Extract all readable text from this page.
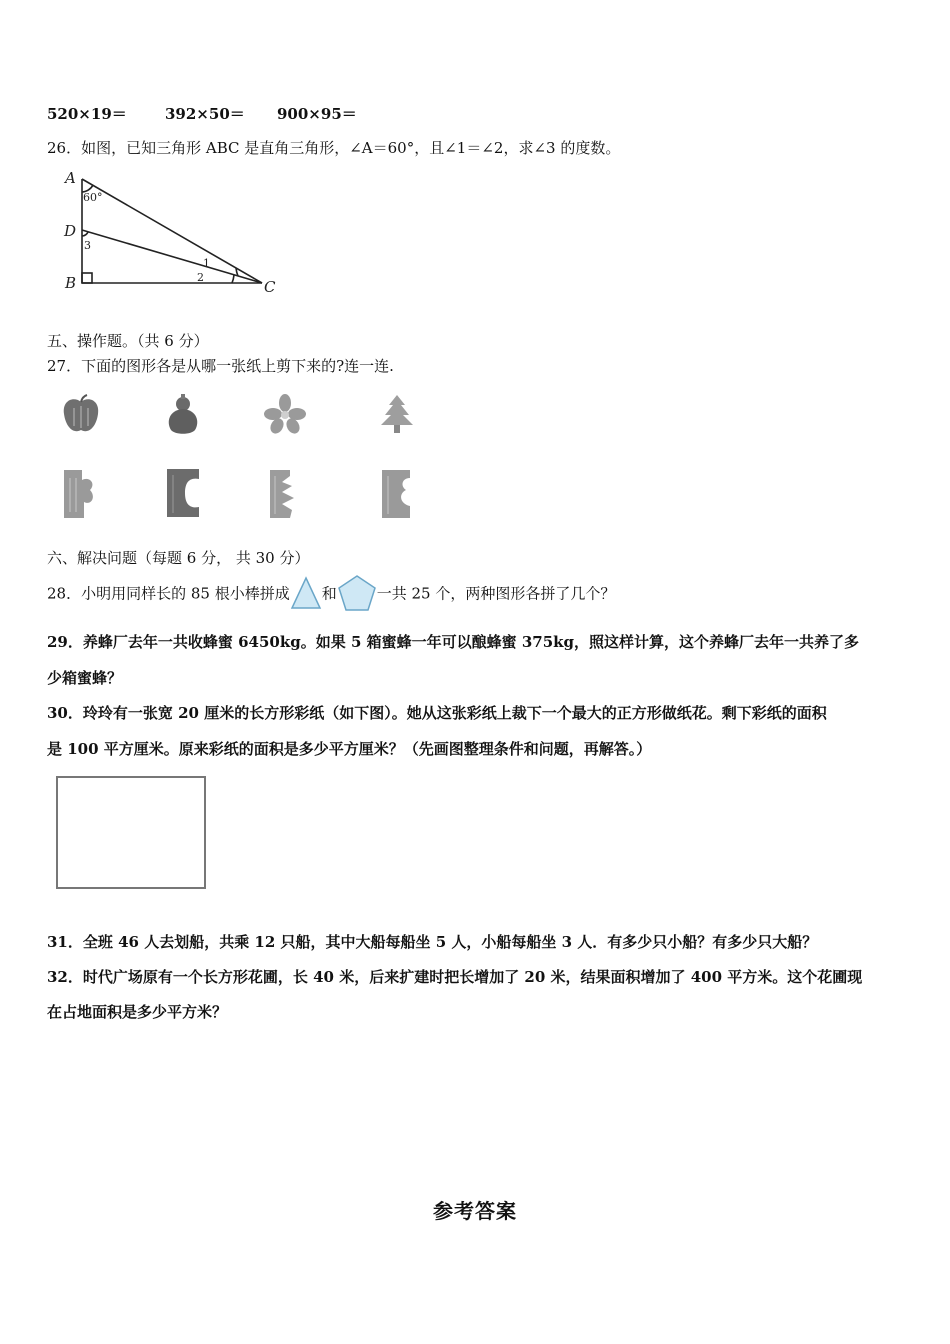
520×19＝	392×50＝ 900×95＝
26．如图，已知三角形 ABC 是直角三角形，∠A＝60°，且∠1＝∠2，求∠3 的度数。
A
D
B	C
60°
3
2
1
五、操作题。（共 6 分）
27．下面的图形各是从哪一张纸上剪下来的?连一连.
六、解决问题（每题 6 分， 共 30 分）
28．小明用同样长的 85 根小棒拼成 和	一共 25 个，两种图形各拼了几个？
29．养蜂厂去年一共收蜂蜜 6450kg。如果 5 箱蜜蜂一年可以酿蜂蜜 375kg，照这样计算，这个养蜂厂去年一共养了多
少箱蜜蜂？
30．玲玲有一张宽 20 厘米的长方形彩纸（如下图）。她从这张彩纸上裁下一个最大的正方形做纸花。剩下彩纸的面积
是 100 平方厘米。原来彩纸的面积是多少平方厘米？（先画图整理条件和问题，再解答。）
31．全班 46 人去划船，共乘 12 只船，其中大船每船坐 5 人，小船每船坐 3 人．有多少只小船？有多少只大船？
32．时代广场原有一个长方形花圃，长 40 米，后来扩建时把长增加了 20 米，结果面积增加了 400 平方米。这个花圃现
在占地面积是多少平方米？
参考答案
